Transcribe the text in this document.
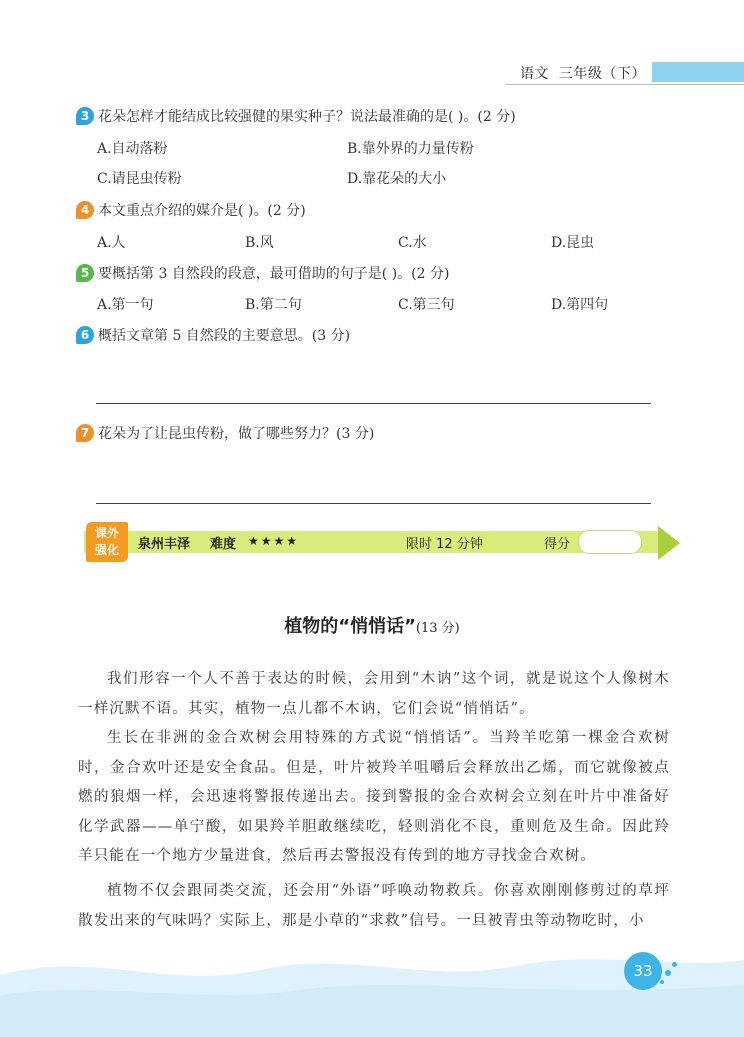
语文 三年级（下）
3 花朵怎样才能结成比较强健的果实种子？说法最准确的是( )。(2 分)
A.自动落粉	B.靠外界的力量传粉
C.请昆虫传粉	D.靠花朵的大小
4 本文重点介绍的媒介是( )。(2 分)
A.人	B.风	C.水	D.昆虫
5 要概括第 3 自然段的段意，最可借助的句子是( )。(2 分)
A.第一句	B.第二句	C.第三句	D.第四句
6 概括文章第 5 自然段的主要意思。(3 分)
7 花朵为了让昆虫传粉，做了哪些努力？(3 分)
课外
强化	泉州丰泽 难度 ★★★★	限时 12 分钟	得分
植物的“悄悄话”(13 分)
我们形容一个人不善于表达的时候，会用到“木讷”这个词，就是说这个人像树木一样沉默不语。其实，植物一点儿都不木讷，它们会说“悄悄话”。
生长在非洲的金合欢树会用特殊的方式说“悄悄话”。当羚羊吃第一棵金合欢树时，金合欢叶还是安全食品。但是，叶片被羚羊咀嚼后会释放出乙烯，而它就像被点燃的狼烟一样，会迅速将警报传递出去。接到警报的金合欢树会立刻在叶片中准备好化学武器——单宁酸，如果羚羊胆敢继续吃，轻则消化不良，重则危及生命。因此羚羊只能在一个地方少量进食，然后再去警报没有传到的地方寻找金合欢树。
植物不仅会跟同类交流，还会用“外语”呼唤动物救兵。你喜欢刚刚修剪过的草坪散发出来的气味吗？实际上，那是小草的“求救”信号。一旦被青虫等动物吃时，小
33
